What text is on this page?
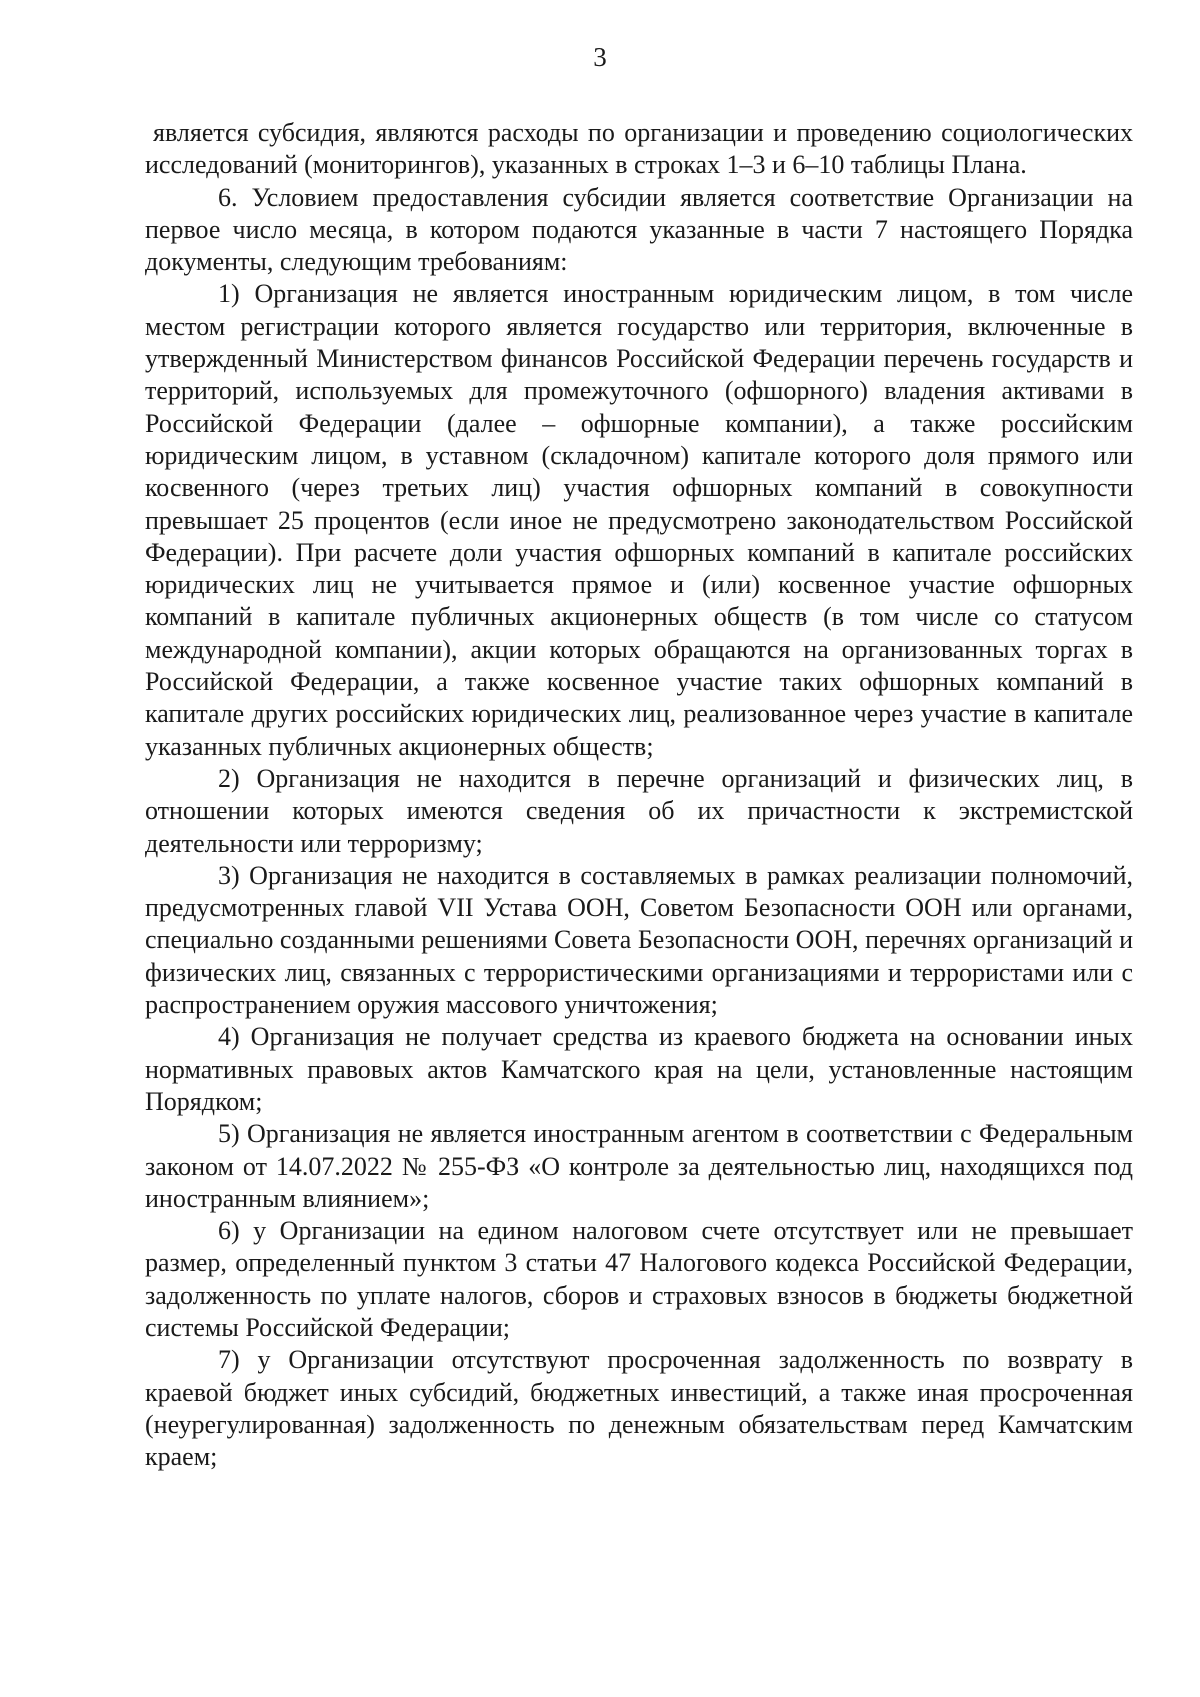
3

является субсидия, являются расходы по организации и проведению социологических исследований (мониторингов), указанных в строках 1–3 и 6–10 таблицы Плана.

6. Условием предоставления субсидии является соответствие Организации на первое число месяца, в котором подаются указанные в части 7 настоящего Порядка документы, следующим требованиям:

1) Организация не является иностранным юридическим лицом, в том числе местом регистрации которого является государство или территория, включенные в утвержденный Министерством финансов Российской Федерации перечень государств и территорий, используемых для промежуточного (офшорного) владения активами в Российской Федерации (далее – офшорные компании), а также российским юридическим лицом, в уставном (складочном) капитале которого доля прямого или косвенного (через третьих лиц) участия офшорных компаний в совокупности превышает 25 процентов (если иное не предусмотрено законодательством Российской Федерации). При расчете доли участия офшорных компаний в капитале российских юридических лиц не учитывается прямое и (или) косвенное участие офшорных компаний в капитале публичных акционерных обществ (в том числе со статусом международной компании), акции которых обращаются на организованных торгах в Российской Федерации, а также косвенное участие таких офшорных компаний в капитале других российских юридических лиц, реализованное через участие в капитале указанных публичных акционерных обществ;

2) Организация не находится в перечне организаций и физических лиц, в отношении которых имеются сведения об их причастности к экстремистской деятельности или терроризму;

3) Организация не находится в составляемых в рамках реализации полномочий, предусмотренных главой VII Устава ООН, Советом Безопасности ООН или органами, специально созданными решениями Совета Безопасности ООН, перечнях организаций и физических лиц, связанных с террористическими организациями и террористами или с распространением оружия массового уничтожения;

4) Организация не получает средства из краевого бюджета на основании иных нормативных правовых актов Камчатского края на цели, установленные настоящим Порядком;

5) Организация не является иностранным агентом в соответствии с Федеральным законом от 14.07.2022 № 255-ФЗ «О контроле за деятельностью лиц, находящихся под иностранным влиянием»;

6) у Организации на едином налоговом счете отсутствует или не превышает размер, определенный пунктом 3 статьи 47 Налогового кодекса Российской Федерации, задолженность по уплате налогов, сборов и страховых взносов в бюджеты бюджетной системы Российской Федерации;

7) у Организации отсутствуют просроченная задолженность по возврату в краевой бюджет иных субсидий, бюджетных инвестиций, а также иная просроченная (неурегулированная) задолженность по денежным обязательствам перед Камчатским краем;
